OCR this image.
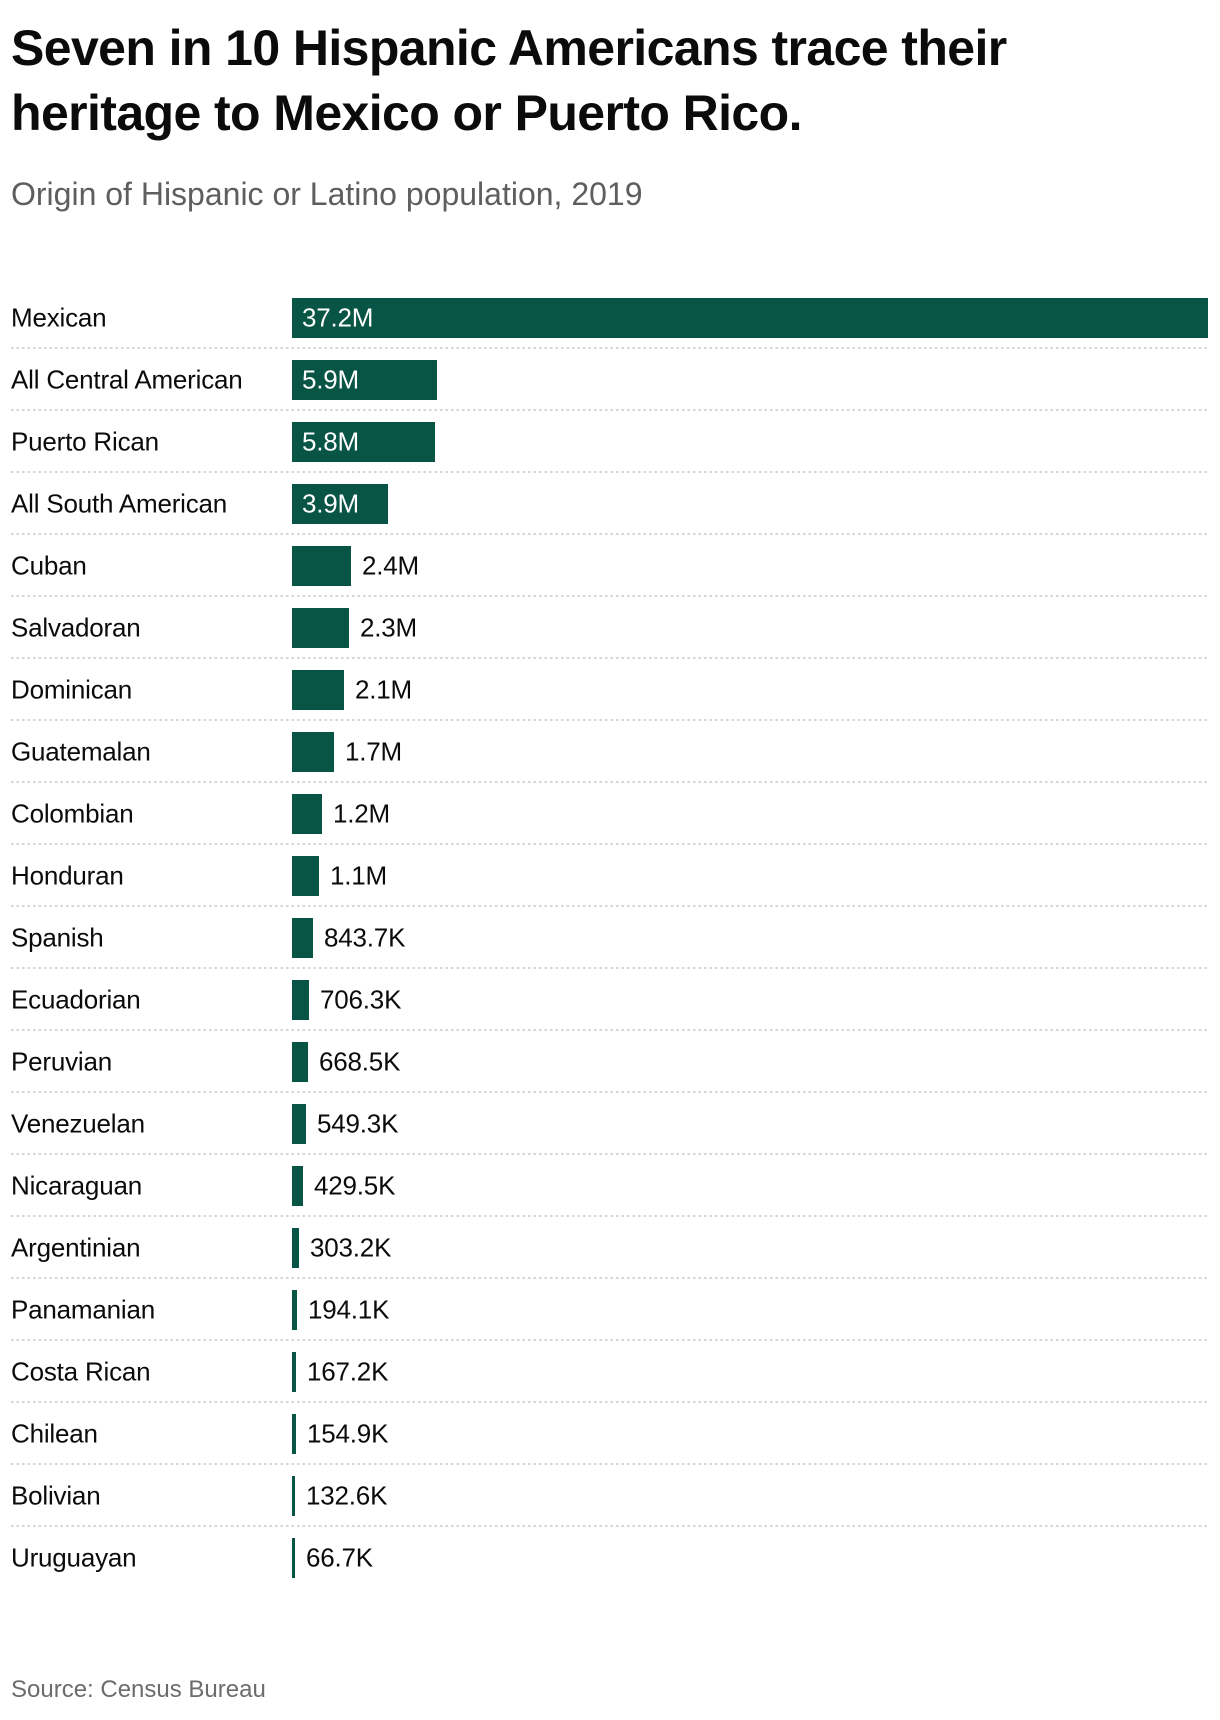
Seven in 10 Hispanic Americans trace their
heritage to Mexico or Puerto Rico.
Origin of Hispanic or Latino population, 2019
Mexican	37.2M
All Central American 5.9M
Puerto Rican	5.8M
All South American	3.9M
Cuban	2.4M
Salvadoran	2.3M
Dominican	2.1M
Guatemalan	1.7M
Colombian	1.2M
Honduran	1.1M
Spanish	843.7K
Ecuadorian	706.3K
Peruvian	668.5K
Venezuelan	549.3K
Nicaraguan	429.5K
Argentinian	303.2K
Panamanian	194.1K
Costa Rican	167.2K
Chilean	154.9K
Bolivian	132.6K
Uruguayan	66.7K
Source: Census Bureau
